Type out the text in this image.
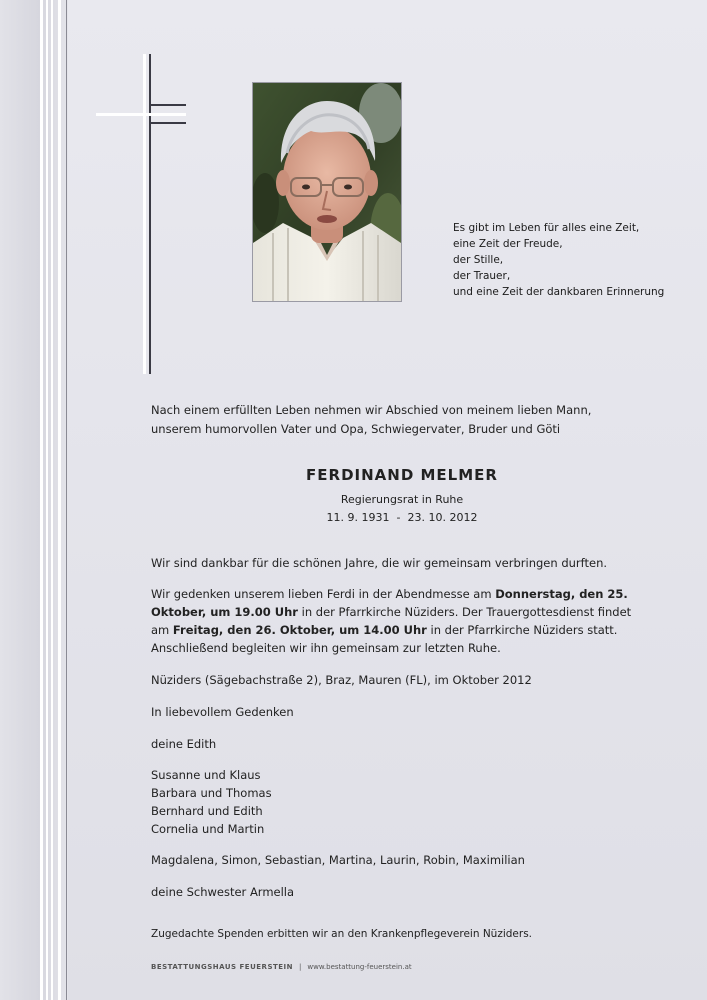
Es gibt im Leben für alles eine Zeit,
eine Zeit der Freude,
der Stille,
der Trauer,
und eine Zeit der dankbaren Erinnerung
Nach einem erfüllten Leben nehmen wir Abschied von meinem lieben Mann, unserem humorvollen Vater und Opa, Schwiegervater, Bruder und Göti
FERDINAND MELMER
Regierungsrat in Ruhe
11. 9. 1931  -  23. 10. 2012
Wir sind dankbar für die schönen Jahre, die wir gemeinsam verbringen durften.
Wir gedenken unserem lieben Ferdi in der Abendmesse am Donnerstag, den 25. Oktober, um 19.00 Uhr in der Pfarrkirche Nüziders. Der Trauergottesdienst findet am Freitag, den 26. Oktober, um 14.00 Uhr in der Pfarrkirche Nüziders statt. Anschließend begleiten wir ihn gemeinsam zur letzten Ruhe.
Nüziders (Sägebachstraße 2), Braz, Mauren (FL), im Oktober 2012
In liebevollem Gedenken
deine Edith
Susanne und Klaus
Barbara und Thomas
Bernhard und Edith
Cornelia und Martin
Magdalena, Simon, Sebastian, Martina, Laurin, Robin, Maximilian
deine Schwester Armella
Zugedachte Spenden erbitten wir an den Krankenpflegeverein Nüziders.
BESTATTUNGSHAUS FEUERSTEIN | www.bestattung-feuerstein.at
